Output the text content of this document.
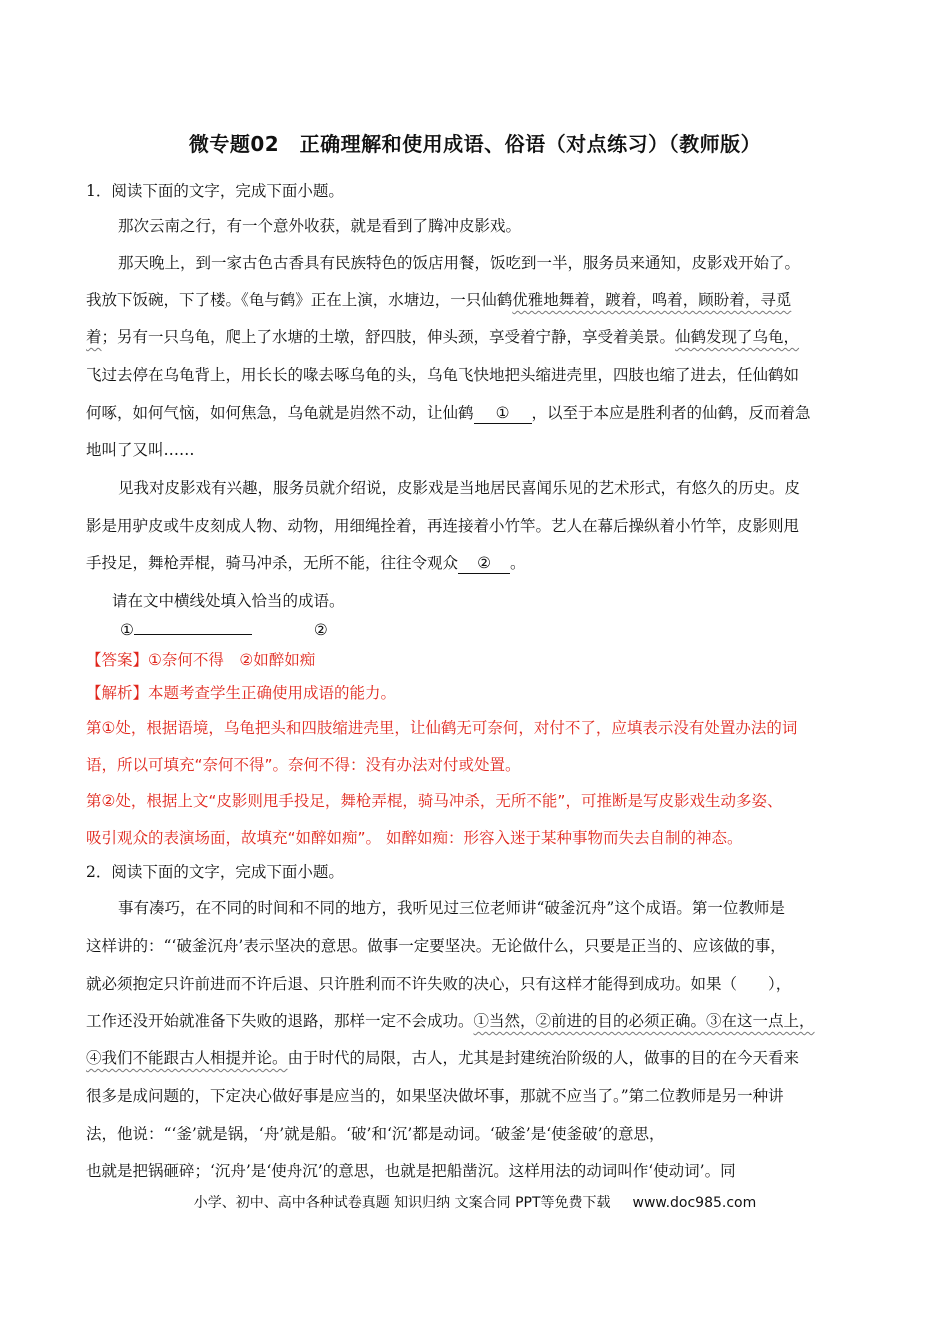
微专题02　正确理解和使用成语、俗语（对点练习）（教师版）
1．阅读下面的文字，完成下面小题。
那次云南之行，有一个意外收获，就是看到了腾冲皮影戏。
那天晚上，到一家古色古香具有民族特色的饭店用餐，饭吃到一半，服务员来通知，皮影戏开始了。
我放下饭碗，下了楼。《龟与鹤》正在上演，水塘边，一只仙鹤优雅地舞着，踱着，鸣着，顾盼着，寻觅
着；另有一只乌龟，爬上了水塘的土墩，舒四肢，伸头颈，享受着宁静，享受着美景。仙鹤发现了乌龟，
飞过去停在乌龟背上，用长长的喙去啄乌龟的头，乌龟飞快地把头缩进壳里，四肢也缩了进去，任仙鹤如
何啄，如何气恼，如何焦急，乌龟就是岿然不动，让仙鹤 ① ，以至于本应是胜利者的仙鹤，反而着急
地叫了又叫……
见我对皮影戏有兴趣，服务员就介绍说，皮影戏是当地居民喜闻乐见的艺术形式，有悠久的历史。皮
影是用驴皮或牛皮刻成人物、动物，用细绳拴着，再连接着小竹竿。艺人在幕后操纵着小竹竿，皮影则甩
手投足，舞枪弄棍，骑马冲杀，无所不能，往往令观众 ② 。
请在文中横线处填入恰当的成语。
①	②
【答案】①奈何不得　②如醉如痴
【解析】本题考查学生正确使用成语的能力。
第①处，根据语境，乌龟把头和四肢缩进壳里，让仙鹤无可奈何，对付不了，应填表示没有处置办法的词
语，所以可填充“奈何不得”。奈何不得：没有办法对付或处置。
第②处，根据上文“皮影则甩手投足，舞枪弄棍，骑马冲杀，无所不能”，可推断是写皮影戏生动多姿、
吸引观众的表演场面，故填充“如醉如痴”。 如醉如痴：形容入迷于某种事物而失去自制的神态。
2．阅读下面的文字，完成下面小题。
事有凑巧，在不同的时间和不同的地方，我听见过三位老师讲“破釜沉舟”这个成语。第一位教师是
这样讲的：“‘破釜沉舟’表示坚决的意思。做事一定要坚决。无论做什么，只要是正当的、应该做的事，
就必须抱定只许前进而不许后退、只许胜利而不许失败的决心，只有这样才能得到成功。如果（　　），
工作还没开始就准备下失败的退路，那样一定不会成功。①当然，②前进的目的必须正确。③在这一点上，
④我们不能跟古人相提并论。由于时代的局限，古人，尤其是封建统治阶级的人，做事的目的在今天看来
很多是成问题的，下定决心做好事是应当的，如果坚决做坏事，那就不应当了。”第二位教师是另一种讲
法，他说：“‘釜’就是锅，‘舟’就是船。‘破’和‘沉’都是动词。‘破釜’是‘使釜破’的意思，
也就是把锅砸碎；‘沉舟’是‘使舟沉’的意思，也就是把船凿沉。这样用法的动词叫作‘使动词’。同
小学、初中、高中各种试卷真题 知识归纳 文案合同 PPT等免费下载 www.doc985.com
